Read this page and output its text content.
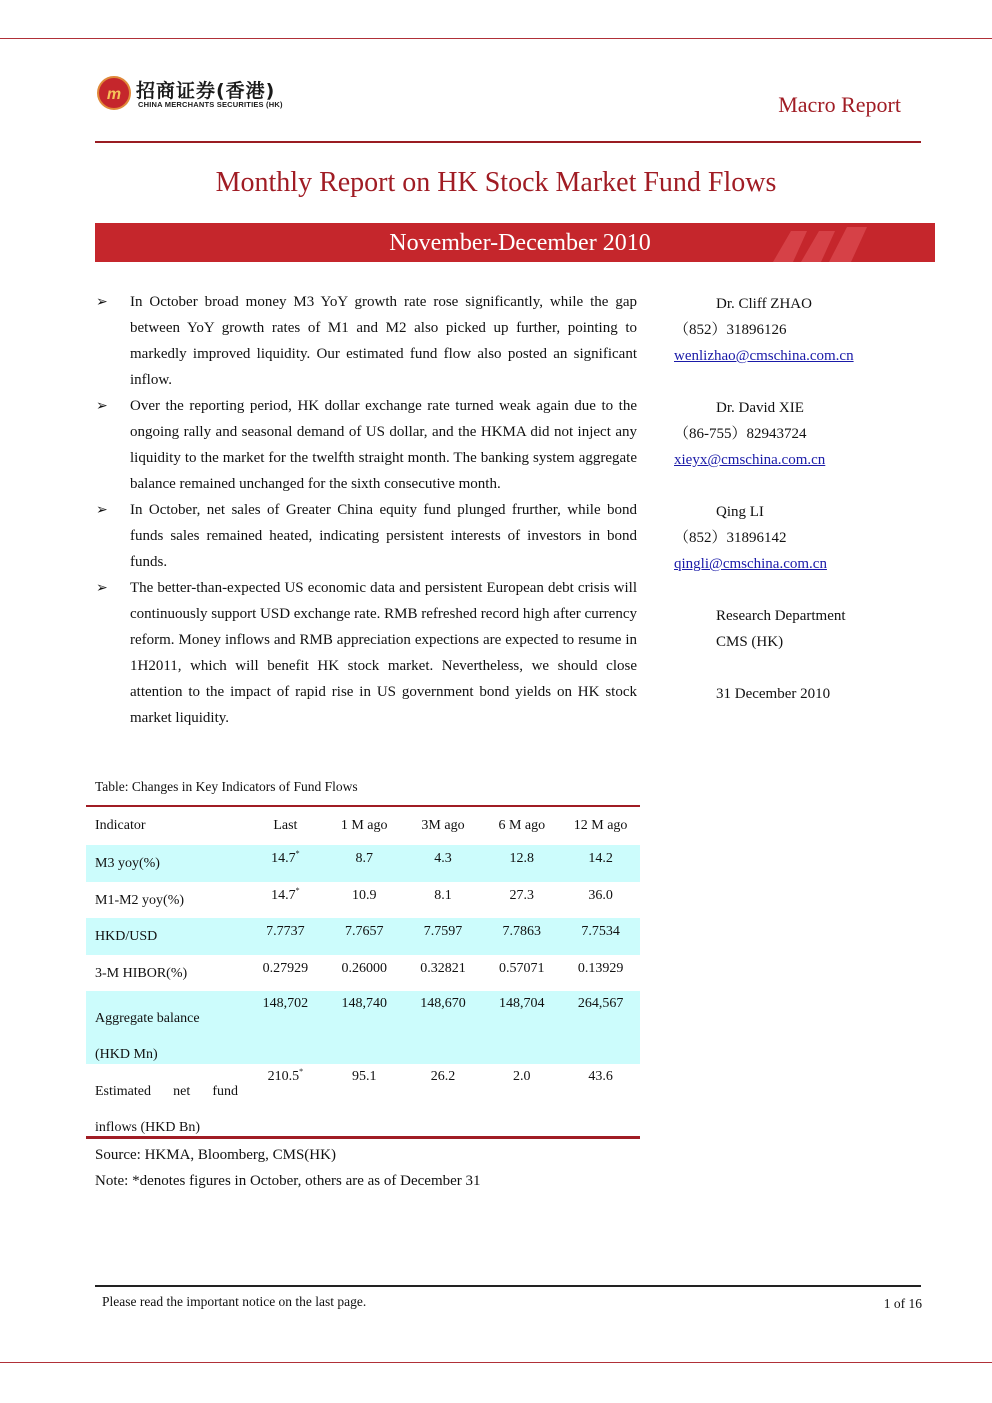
m 招商证券(香港)
CHINA MERCHANTS SECURITIES (HK)	Macro Report
Monthly Report on HK Stock Market Fund Flows
November-December 2010
➢ In October broad money M3 YoY growth rate rose significantly, while the gap between YoY growth rates of M1 and M2 also picked up further, pointing to markedly improved liquidity. Our estimated fund flow also posted an significant inflow.
➢ Over the reporting period, HK dollar exchange rate turned weak again due to the ongoing rally and seasonal demand of US dollar, and the HKMA did not inject any liquidity to the market for the twelfth straight month. The banking system aggregate balance remained unchanged for the sixth consecutive month.
➢ In October, net sales of Greater China equity fund plunged frurther, while bond funds sales remained heated, indicating persistent interests of investors in bond funds.
➢ The better-than-expected US economic data and persistent European debt crisis will continuously support USD exchange rate. RMB refreshed record high after currency reform. Money inflows and RMB appreciation expections are expected to resume in 1H2011, which will benefit HK stock market. Nevertheless, we should close attention to the impact of rapid rise in US government bond yields on HK stock market liquidity.
Dr. Cliff ZHAO
（852）31896126
wenlizhao@cmschina.com.cn
Dr. David XIE
（86-755）82943724
xieyx@cmschina.com.cn
Qing LI
（852）31896142
qingli@cmschina.com.cn
Research Department
CMS (HK)
31 December 2010
Table: Changes in Key Indicators of Fund Flows
Indicator	Last	1 M ago	3M ago	6 M ago	12 M ago
M3 yoy(%)	14.7*	8.7	4.3	12.8	14.2
M1-M2 yoy(%)	14.7*	10.9	8.1	27.3	36.0
HKD/USD	7.7737	7.7657	7.7597	7.7863	7.7534
3-M HIBOR(%)	0.27929	0.26000	0.32821	0.57071	0.13929
Aggregate balance
(HKD Mn)
148,702	148,740	148,670	148,704	264,567
Estimated net fund
inflows (HKD Bn)
210.5*	95.1	26.2	2.0	43.6
Source: HKMA, Bloomberg, CMS(HK)
Note: *denotes figures in October, others are as of December 31
Please read the important notice on the last page.	1 of 16
